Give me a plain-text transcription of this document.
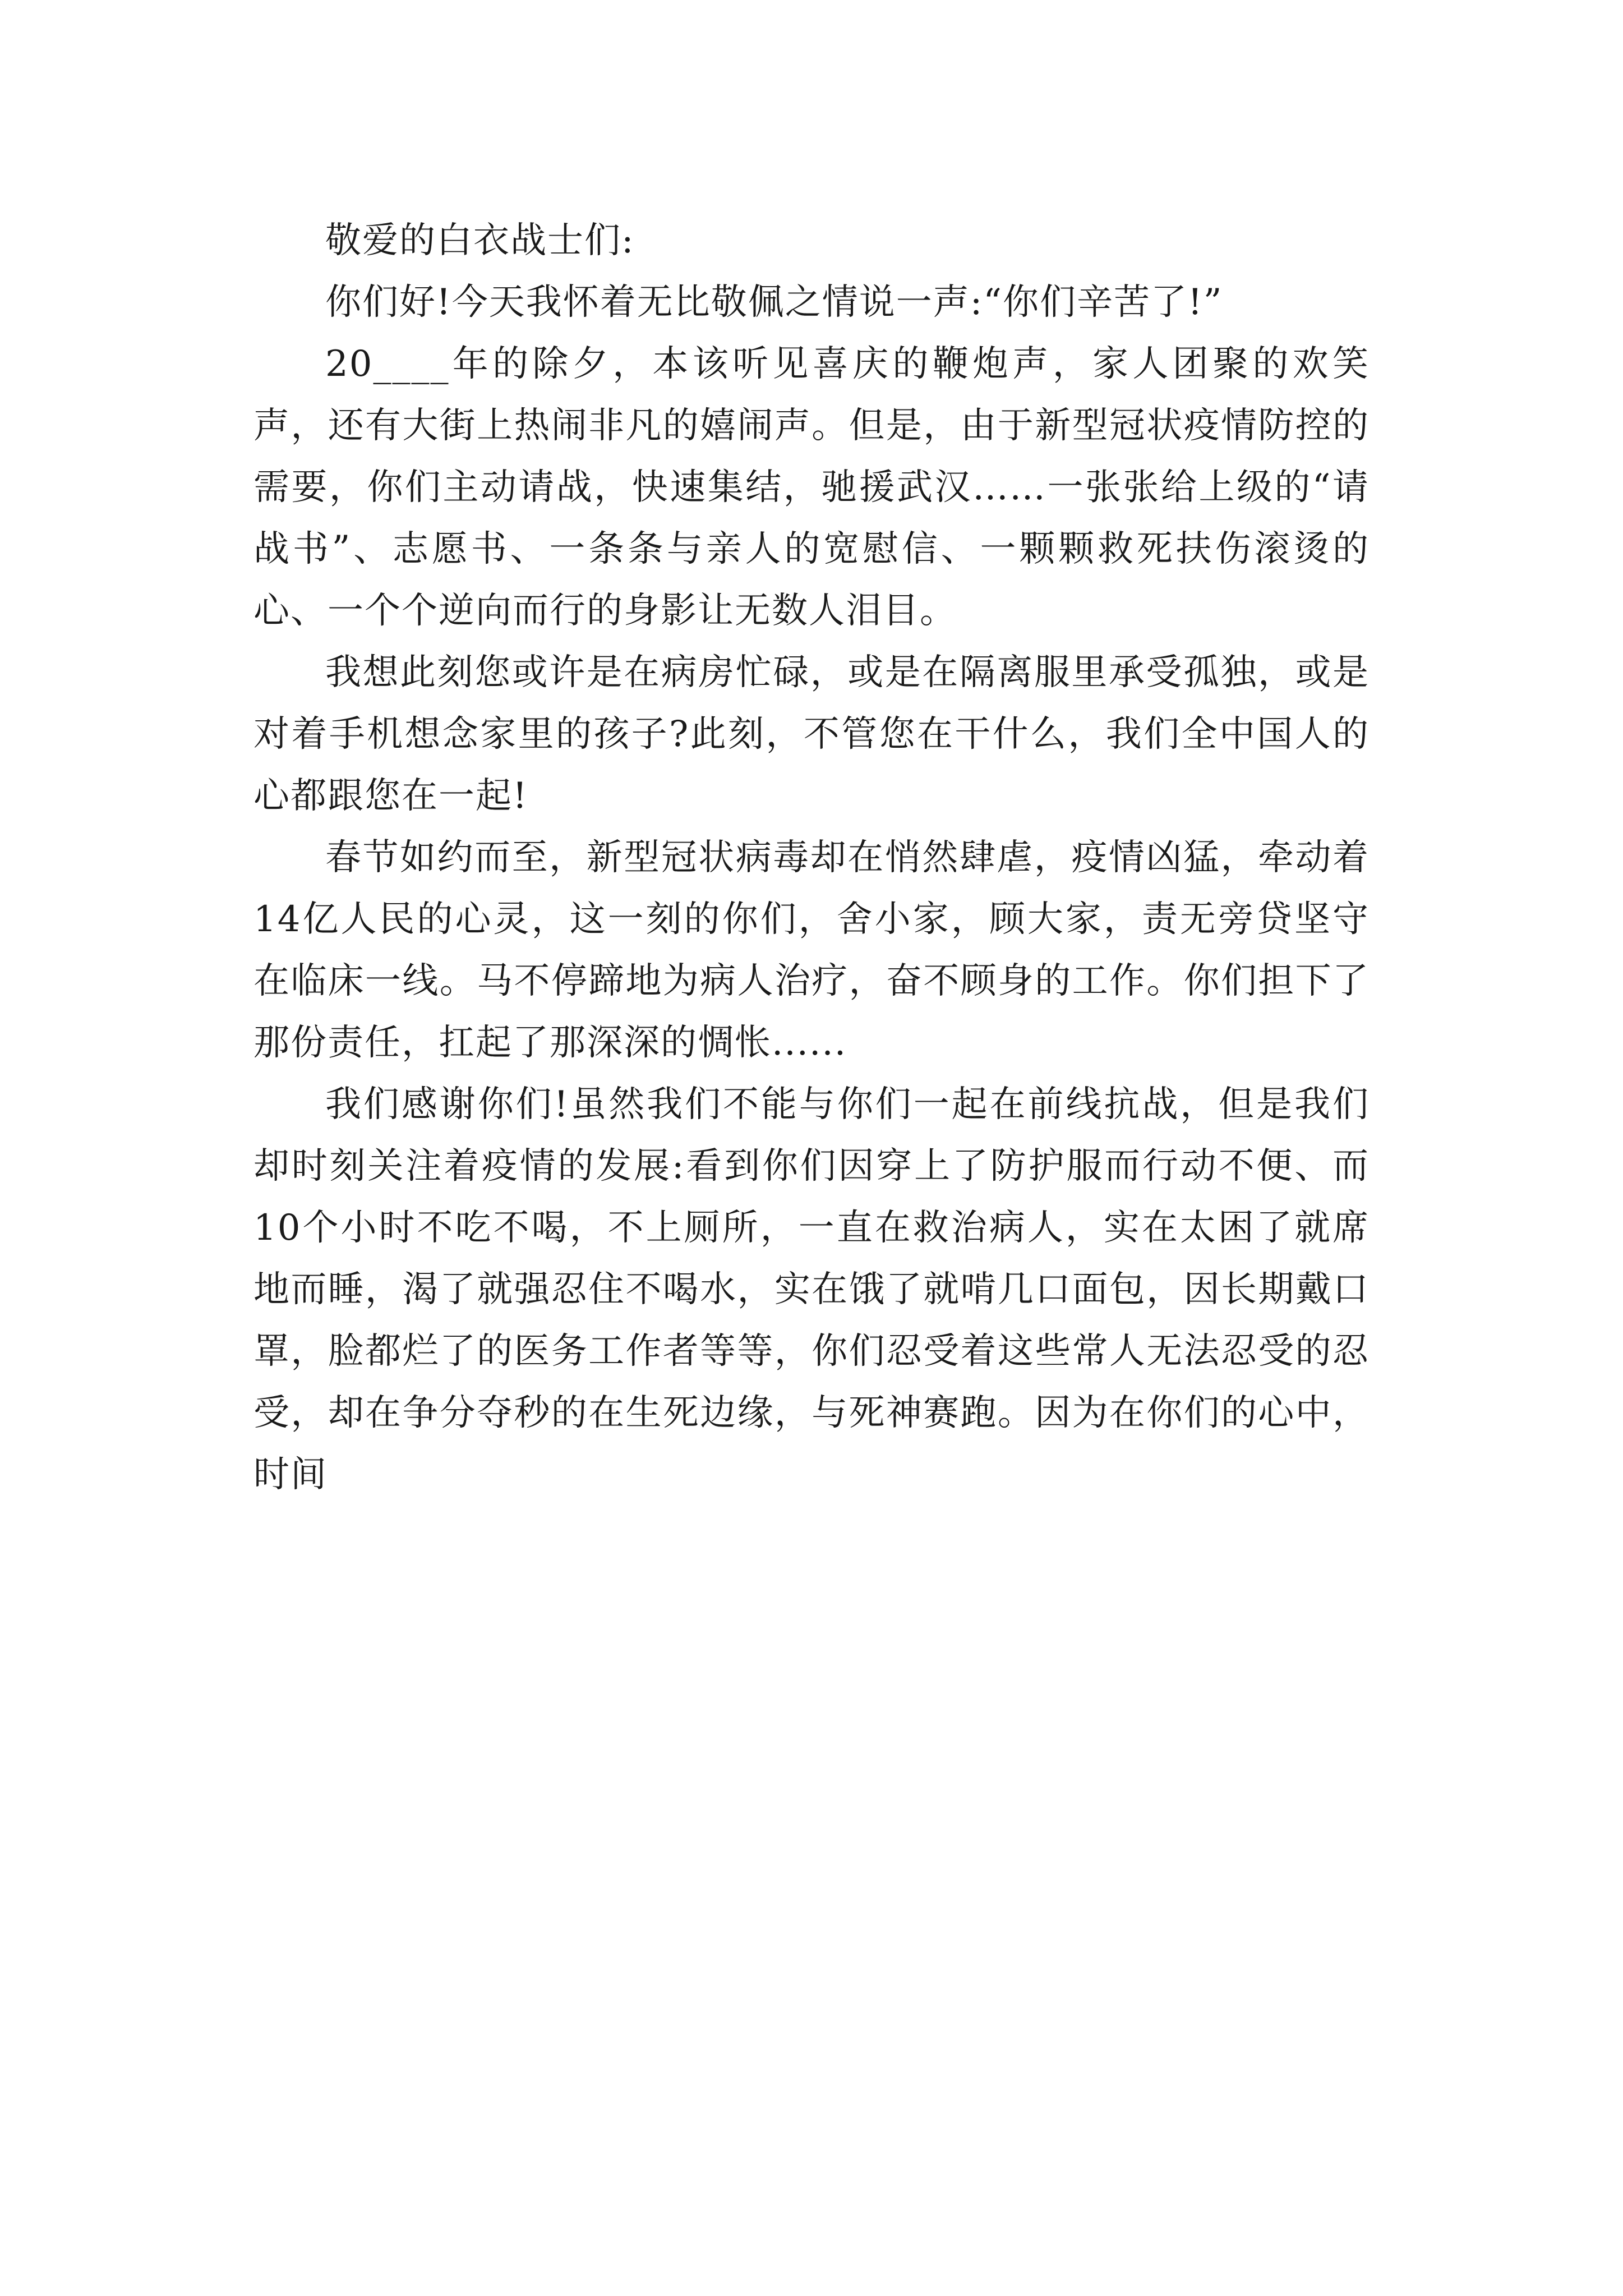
敬爱的白衣战士们:

你们好!今天我怀着无比敬佩之情说一声:“你们辛苦了!”

20____年的除夕，本该听见喜庆的鞭炮声，家人团聚的欢笑声，还有大街上热闹非凡的嬉闹声。但是，由于新型冠状疫情防控的需要，你们主动请战，快速集结，驰援武汉……一张张给上级的“请战书”、志愿书、一条条与亲人的宽慰信、一颗颗救死扶伤滚烫的心、一个个逆向而行的身影让无数人泪目。

我想此刻您或许是在病房忙碌，或是在隔离服里承受孤独，或是对着手机想念家里的孩子?此刻，不管您在干什么，我们全中国人的心都跟您在一起!

春节如约而至，新型冠状病毒却在悄然肆虐，疫情凶猛，牵动着14亿人民的心灵，这一刻的你们，舍小家，顾大家，责无旁贷坚守在临床一线。马不停蹄地为病人治疗，奋不顾身的工作。你们担下了那份责任，扛起了那深深的惆怅......

我们感谢你们!虽然我们不能与你们一起在前线抗战，但是我们却时刻关注着疫情的发展:看到你们因穿上了防护服而行动不便、而10个小时不吃不喝，不上厕所，一直在救治病人，实在太困了就席地而睡，渴了就强忍住不喝水，实在饿了就啃几口面包，因长期戴口罩，脸都烂了的医务工作者等等，你们忍受着这些常人无法忍受的忍受，却在争分夺秒的在生死边缘，与死神赛跑。因为在你们的心中，时间
